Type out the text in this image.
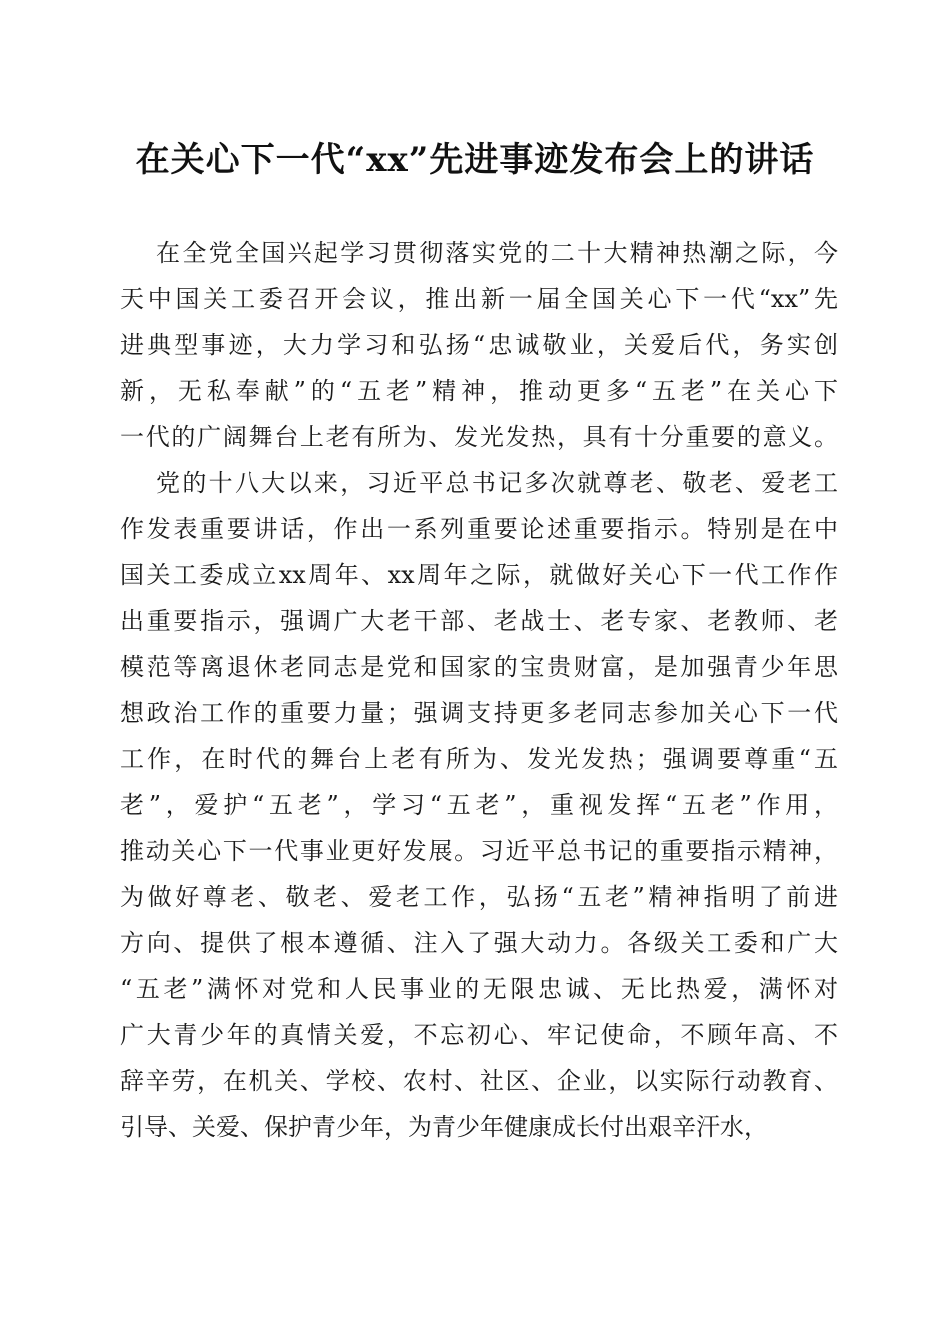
在关心下一代“xx”先进事迹发布会上的讲话

在全党全国兴起学习贯彻落实党的二十大精神热潮之际，今
天中国关工委召开会议，推出新一届全国关心下一代“xx”先
进典型事迹，大力学习和弘扬“忠诚敬业，关爱后代，务实创
新，无私奉献”的“五老”精神，推动更多“五老”在关心下
一代的广阔舞台上老有所为、发光发热，具有十分重要的意义。

党的十八大以来，习近平总书记多次就尊老、敬老、爱老工
作发表重要讲话，作出一系列重要论述重要指示。特别是在中
国关工委成立xx周年、xx周年之际，就做好关心下一代工作作
出重要指示，强调广大老干部、老战士、老专家、老教师、老
模范等离退休老同志是党和国家的宝贵财富，是加强青少年思
想政治工作的重要力量；强调支持更多老同志参加关心下一代
工作，在时代的舞台上老有所为、发光发热；强调要尊重“五
老”，爱护“五老”，学习“五老”，重视发挥“五老”作用，
推动关心下一代事业更好发展。习近平总书记的重要指示精神，
为做好尊老、敬老、爱老工作，弘扬“五老”精神指明了前进
方向、提供了根本遵循、注入了强大动力。各级关工委和广大
“五老”满怀对党和人民事业的无限忠诚、无比热爱，满怀对
广大青少年的真情关爱，不忘初心、牢记使命，不顾年高、不
辞辛劳，在机关、学校、农村、社区、企业，以实际行动教育、
引导、关爱、保护青少年，为青少年健康成长付出艰辛汗水，
